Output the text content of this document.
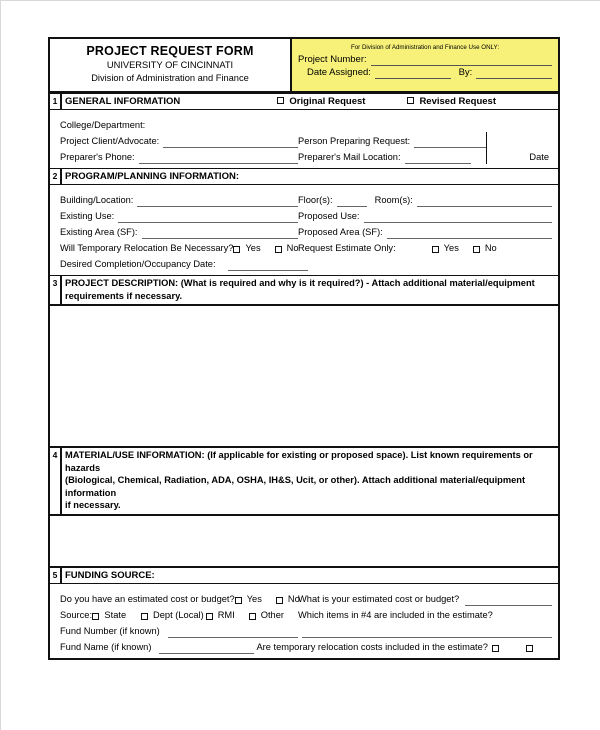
PROJECT REQUEST FORM
UNIVERSITY OF CINCINNATI
Division of Administration and Finance
For Division of Administration and Finance Use ONLY:
Project Number:
Date Assigned:	By:
1 GENERAL INFORMATION	Original Request	Revised Request
College/Department:
Project Client/Advocate:	Person Preparing Request:

Preparer's Phone:	Preparer's Mail Location:	Date
2 PROGRAM/PLANNING INFORMATION:
Building/Location:	Floor(s):	Room(s):
Existing Use:	Proposed Use:
Existing Area (SF):	Proposed Area (SF):
Will Temporary Relocation Be Necessary? Yes	No Request Estimate Only:	Yes	No
Desired Completion/Occupancy Date:
3 PROJECT DESCRIPTION: (What is required and why is it required?) - Attach additional material/equipment
requirements if necessary.
4 MATERIAL/USE INFORMATION: (If applicable for existing or proposed space). List known requirements or hazards
(Biological, Chemical, Radiation, ADA, OSHA, IH&S, Ucit, or other). Attach additional material/equipment information
if necessary.
5 FUNDING SOURCE:
Do you have an estimated cost or budget? Yes	No
What is your estimated cost or budget?
Source: State	Dept (Local) RMI	Other Which items in #4 are included in the estimate?
Fund Number (if known)
Fund Name (if known)	Are temporary relocation costs included in the estimate?
